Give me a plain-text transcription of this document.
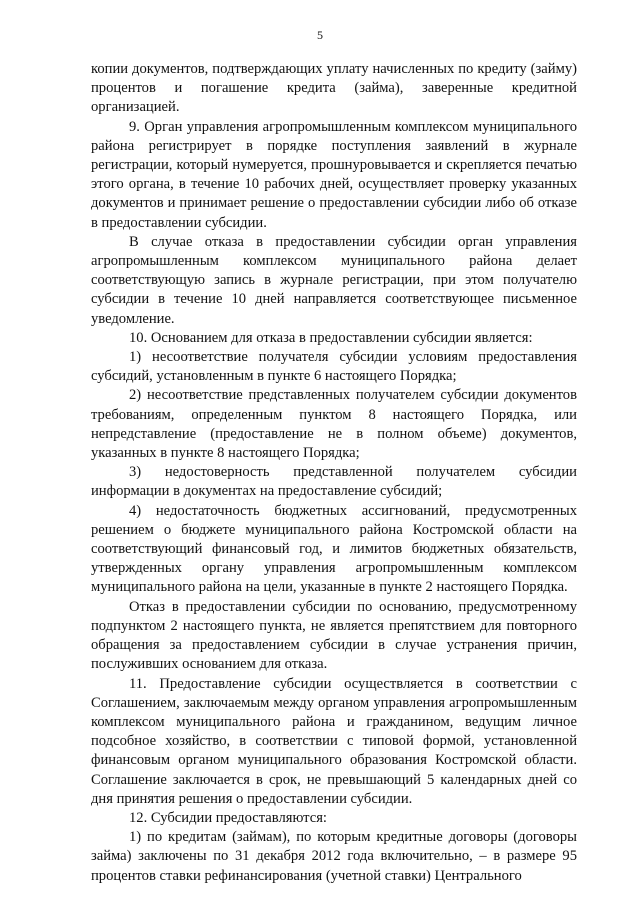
5

копии документов, подтверждающих уплату начисленных по кредиту (займу) процентов и погашение кредита (займа), заверенные кредитной организацией.

9. Орган управления агропромышленным комплексом муниципального района регистрирует в порядке поступления заявлений в журнале регистрации, который нумеруется, прошнуровывается и скрепляется печатью этого органа, в течение 10 рабочих дней, осуществляет проверку указанных документов и принимает решение о предоставлении субсидии либо об отказе в предоставлении субсидии.

В случае отказа в предоставлении субсидии орган управления агропромышленным комплексом муниципального района делает соответствующую запись в журнале регистрации, при этом получателю субсидии в течение 10 дней направляется соответствующее письменное уведомление.

10. Основанием для отказа в предоставлении субсидии является:

1) несоответствие получателя субсидии условиям предоставления субсидий, установленным в пункте 6 настоящего Порядка;

2) несоответствие представленных получателем субсидии документов требованиям, определенным пунктом 8 настоящего Порядка, или непредставление (предоставление не в полном объеме) документов, указанных в пункте 8 настоящего Порядка;

3) недостоверность представленной получателем субсидии информации в документах на предоставление субсидий;

4) недостаточность бюджетных ассигнований, предусмотренных решением о бюджете муниципального района Костромской области на соответствующий финансовый год, и лимитов бюджетных обязательств, утвержденных органу управления агропромышленным комплексом муниципального района на цели, указанные в пункте 2 настоящего Порядка.

Отказ в предоставлении субсидии по основанию, предусмотренному подпунктом 2 настоящего пункта, не является препятствием для повторного обращения за предоставлением субсидии в случае устранения причин, послуживших основанием для отказа.

11. Предоставление субсидии осуществляется в соответствии с Соглашением, заключаемым между органом управления агропромышленным комплексом муниципального района и гражданином, ведущим личное подсобное хозяйство, в соответствии с типовой формой, установленной финансовым органом муниципального образования Костромской области. Соглашение заключается в срок, не превышающий 5 календарных дней со дня принятия решения о предоставлении субсидии.

12. Субсидии предоставляются:

1) по кредитам (займам), по которым кредитные договоры (договоры займа) заключены по 31 декабря 2012 года включительно, – в размере 95 процентов ставки рефинансирования (учетной ставки) Центрального
